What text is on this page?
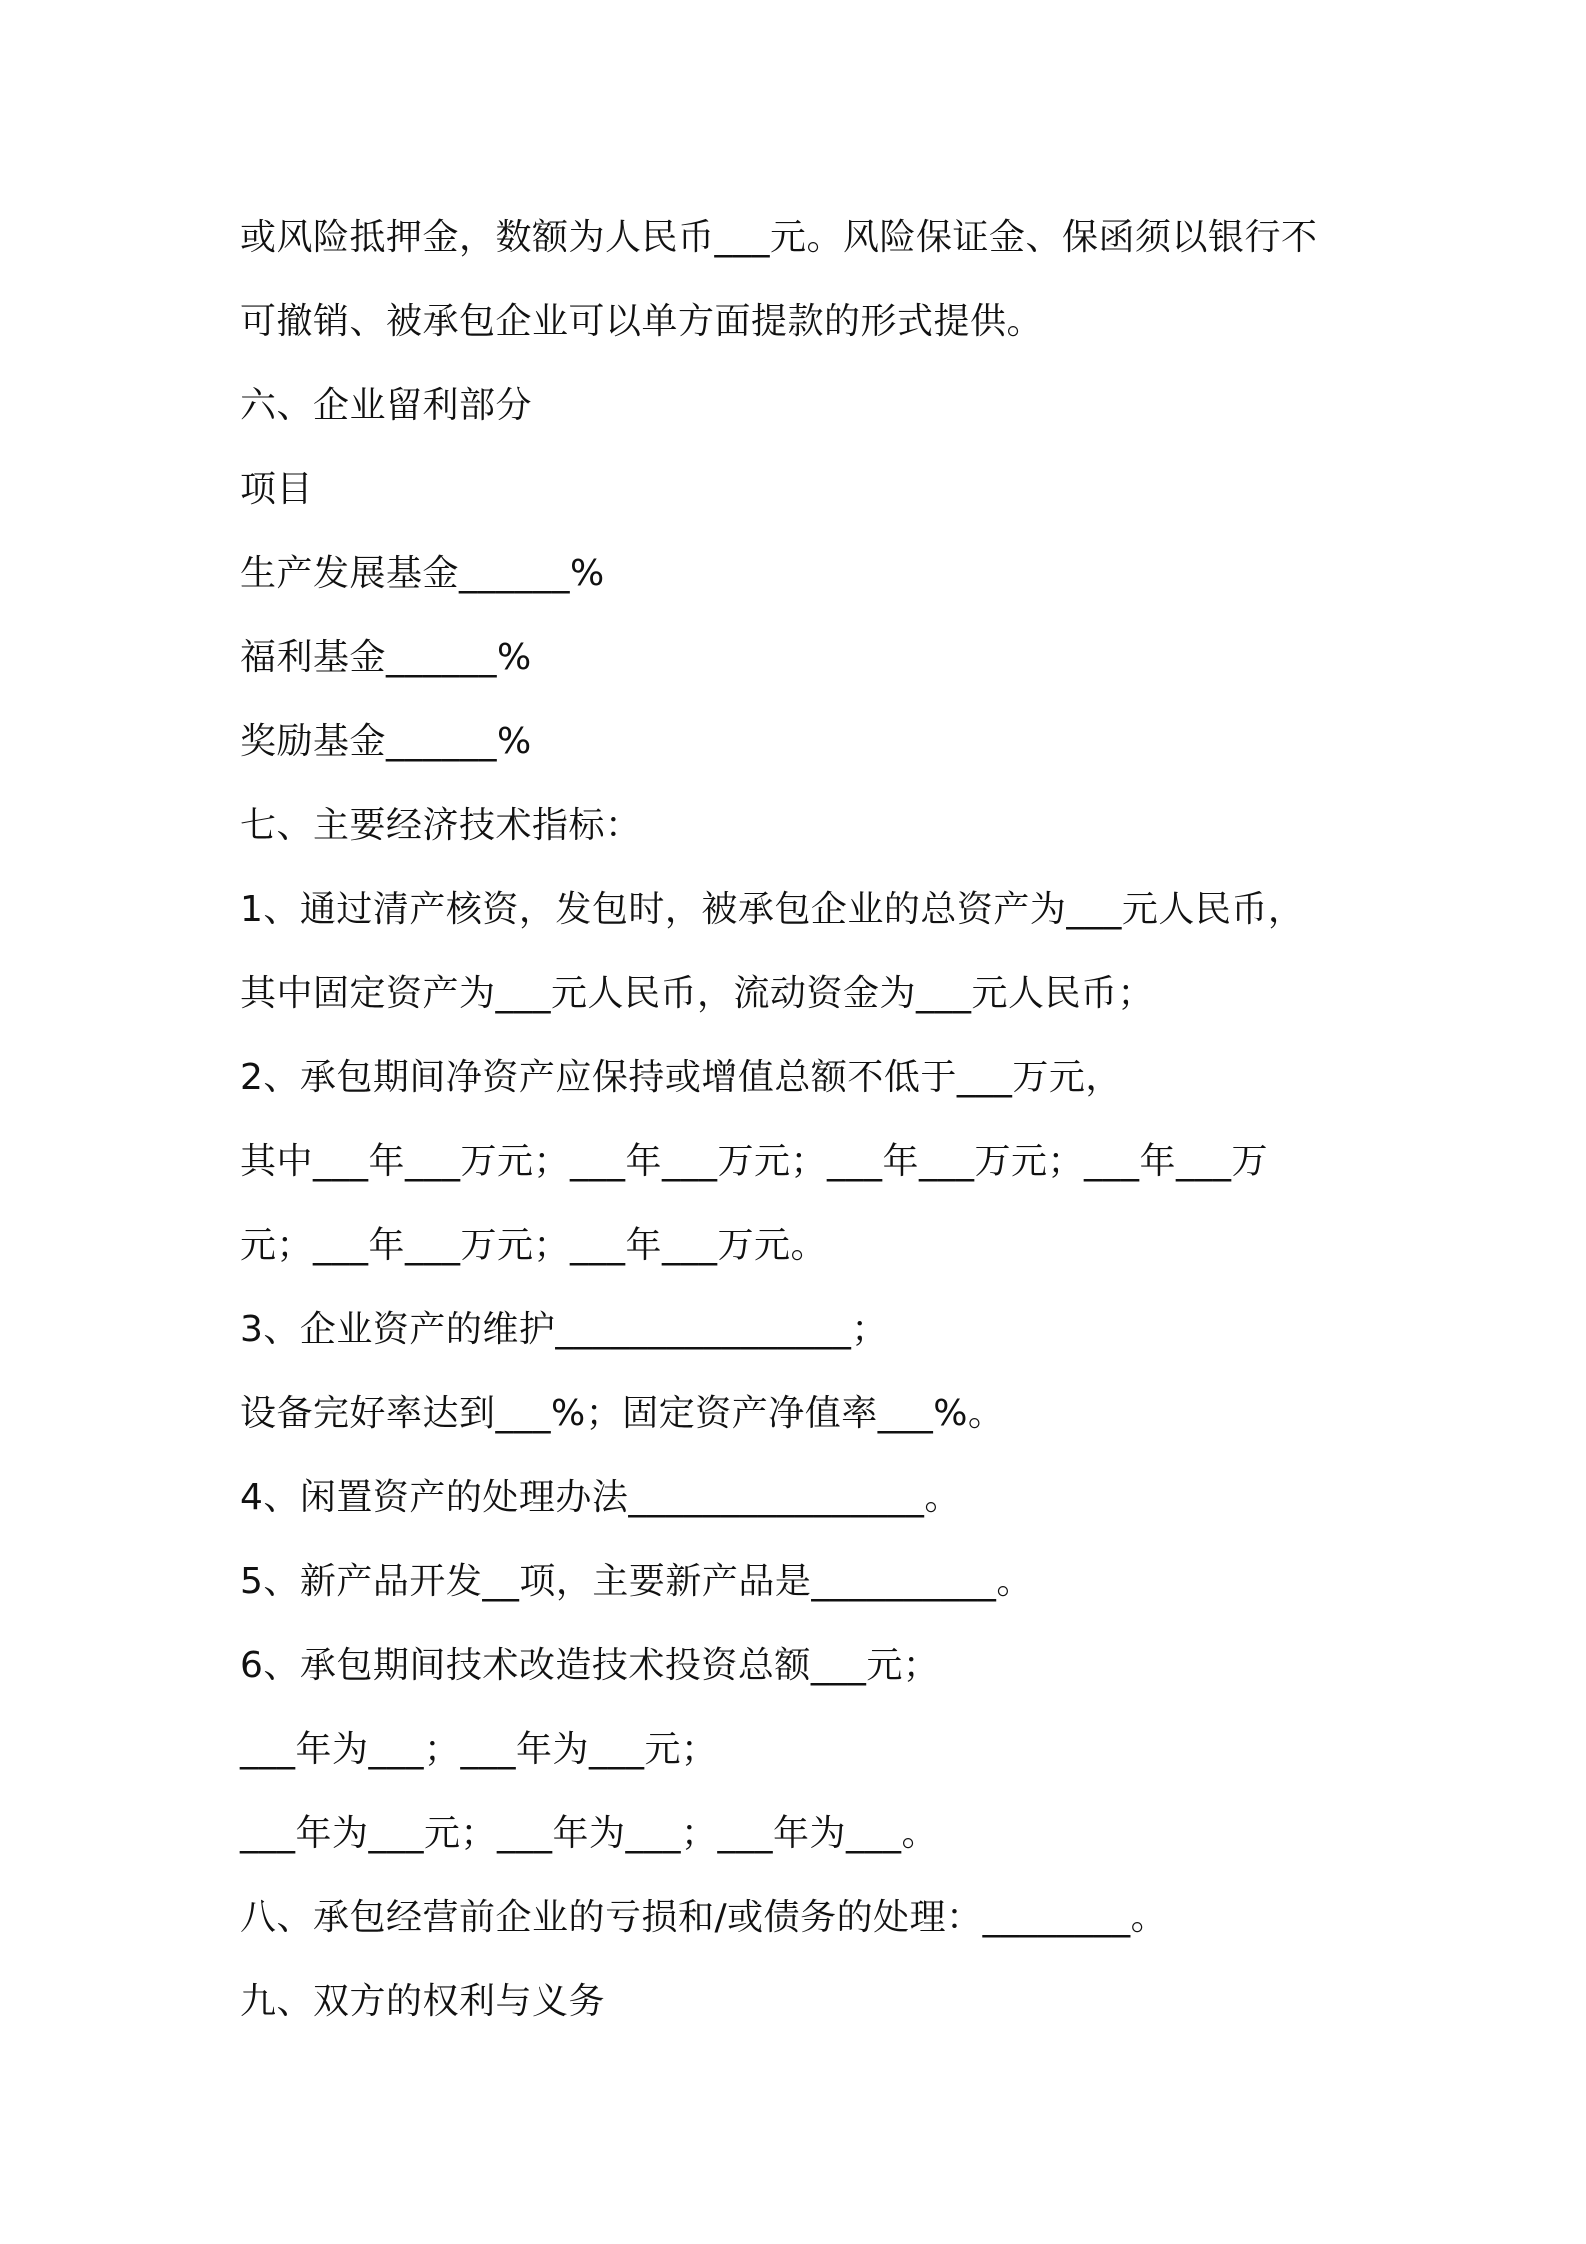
或风险抵押金，数额为人民币___元。风险保证金、保函须以银行不

可撤销、被承包企业可以单方面提款的形式提供。

六、企业留利部分

项目

生产发展基金______%

福利基金______%

奖励基金______%

七、主要经济技术指标：

1、通过清产核资，发包时，被承包企业的总资产为___元人民币，

其中固定资产为___元人民币，流动资金为___元人民币；

2、承包期间净资产应保持或增值总额不低于___万元，

其中___年___万元；___年___万元；___年___万元；___年___万

元；___年___万元；___年___万元。

3、企业资产的维护________________；

设备完好率达到___%；固定资产净值率___%。

4、闲置资产的处理办法________________。

5、新产品开发__项，主要新产品是__________。

6、承包期间技术改造技术投资总额___元；

___年为___；___年为___元；

___年为___元；___年为___；___年为___。

八、承包经营前企业的亏损和/或债务的处理：________。

九、双方的权利与义务
